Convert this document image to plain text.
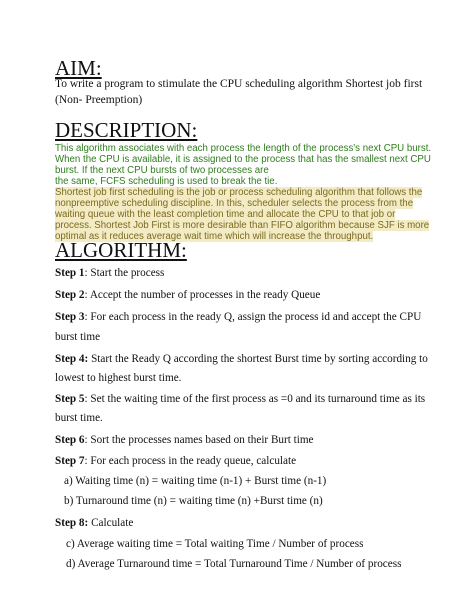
AIM:
To write a program to stimulate the CPU scheduling algorithm Shortest job first
(Non- Preemption)
DESCRIPTION:
This algorithm associates with each process the length of the process's next CPU burst.
When the CPU is available, it is assigned to the process that has the smallest next CPU
burst. If the next CPU bursts of two processes are
the same, FCFS scheduling is used to break the tie.
Shortest job first scheduling is the job or process scheduling algorithm that follows the
nonpreemptive scheduling discipline. In this, scheduler selects the process from the
waiting queue with the least completion time and allocate the CPU to that job or
process. Shortest Job First is more desirable than FIFO algorithm because SJF is more
optimal as it reduces average wait time which will increase the throughput.
ALGORITHM:
Step 1: Start the process
Step 2: Accept the number of processes in the ready Queue
Step 3: For each process in the ready Q, assign the process id and accept the CPU
burst time
Step 4: Start the Ready Q according the shortest Burst time by sorting according to
lowest to highest burst time.
Step 5: Set the waiting time of the first process as =0 and its turnaround time as its
burst time.
Step 6: Sort the processes names based on their Burt time
Step 7: For each process in the ready queue, calculate
a) Waiting time (n) = waiting time (n-1) + Burst time (n-1)
b) Turnaround time (n) = waiting time (n) +Burst time (n)
Step 8: Calculate
c) Average waiting time = Total waiting Time / Number of process
d) Average Turnaround time = Total Turnaround Time / Number of process
